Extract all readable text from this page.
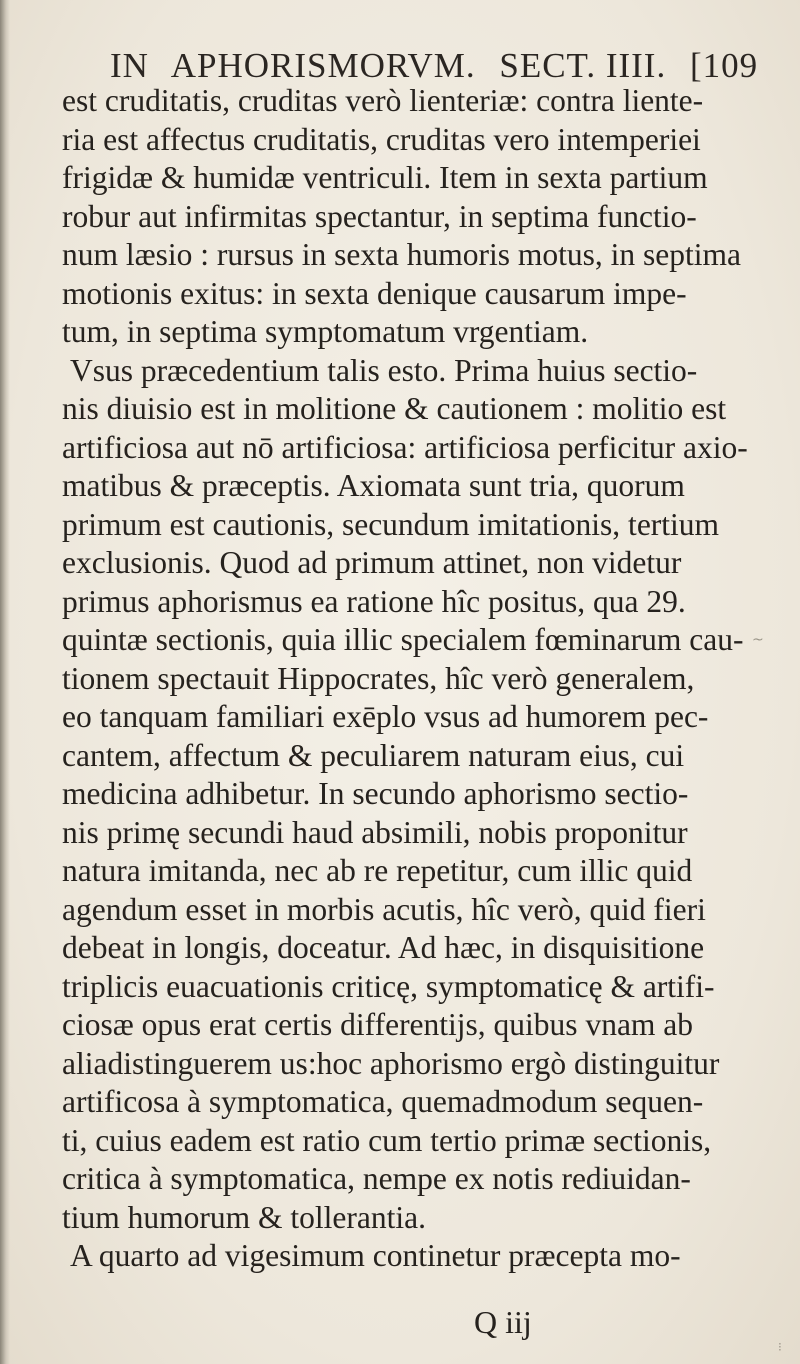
IN APHORISMORVM. SECT. IIII. [109
est cruditatis, cruditas verò lienteriæ: contra liente-
ria est affectus cruditatis, cruditas vero intemperiei
frigidæ & humidæ ventriculi. Item in sexta partium
robur aut infirmitas spectantur, in septima functio-
num læsio : rursus in sexta humoris motus, in septima
motionis exitus: in sexta denique causarum impe-
tum, in septima symptomatum vrgentiam.
Vsus præcedentium talis esto. Prima huius sectio-
nis diuisio est in molitione & cautionem : molitio est
artificiosa aut nō artificiosa: artificiosa perficitur axio-
matibus & præceptis. Axiomata sunt tria, quorum
primum est cautionis, secundum imitationis, tertium
exclusionis. Quod ad primum attinet, non videtur
primus aphorismus ea ratione hîc positus, qua 29.
quintæ sectionis, quia illic specialem fœminarum cau-
tionem spectauit Hippocrates, hîc verò generalem,
eo tanquam familiari exēplo vsus ad humorem pec-
cantem, affectum & peculiarem naturam eius, cui
medicina adhibetur. In secundo aphorismo sectio-
nis primę secundi haud absimili, nobis proponitur
natura imitanda, nec ab re repetitur, cum illic quid
agendum esset in morbis acutis, hîc verò, quid fieri
debeat in longis, doceatur. Ad hæc, in disquisitione
triplicis euacuationis criticę, symptomaticę & artifi-
ciosæ opus erat certis differentijs, quibus vnam ab
aliadistinguerem us:hoc aphorismo ergò distinguitur
artificosa à symptomatica, quemadmodum sequen-
ti, cuius eadem est ratio cum tertio primæ sectionis,
critica à symptomatica, nempe ex notis rediuidan-
tium humorum & tollerantia.
A quarto ad vigesimum continetur præcepta mo-
Q iij
~
⁝
